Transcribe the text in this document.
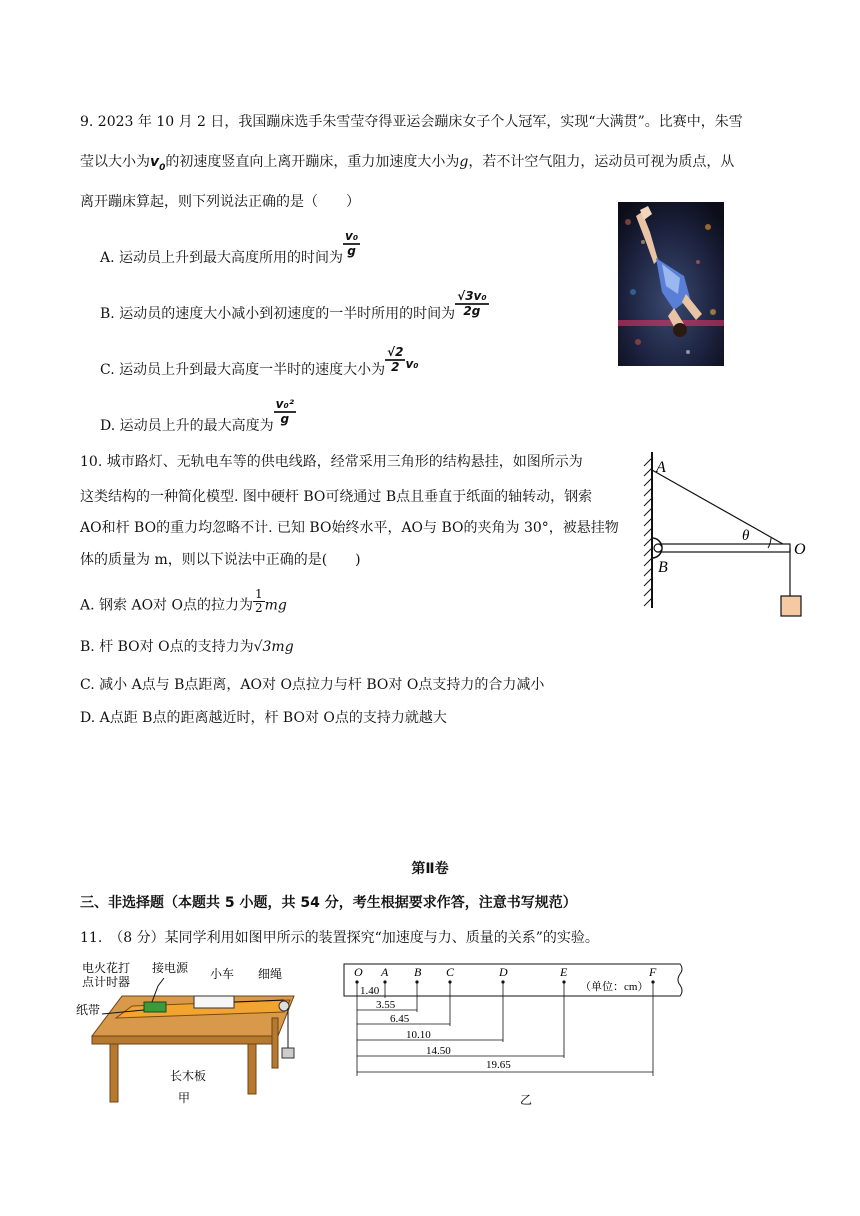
9. 2023 年 10 月 2 日，我国蹦床选手朱雪莹夺得亚运会蹦床女子个人冠军，实现“大满贯”。比赛中，朱雪
莹以大小为$v_0$的初速度竖直向上离开蹦床，重力加速度大小为g，若不计空气阻力，运动员可视为质点，从
离开蹦床算起，则下列说法正确的是（　　）
A. 运动员上升到最大高度所用的时间为 $\frac{\text{v₀}}{g}$
B. 运动员的速度大小减小到初速度的一半时所用的时间为 $\frac{\text{√3v₀}}{2g}$
C. 运动员上升到最大高度一半时的速度大小为 $\frac{√2}{2} v_0$
D. 运动员上升的最大高度为 $\frac{\text{v₀²}}{g}$
10. 城市路灯、无轨电车等的供电线路，经常采用三角形的结构悬挂，如图所示为
这类结构的一种简化模型. 图中硬杆 BO可绕通过 B点且垂直于纸面的轴转动，钢索
AO和杆 BO的重力均忽略不计. 已知 BO始终水平，AO与 BO的夹角为 30°，被悬挂物
体的质量为 m，则以下说法中正确的是(　　)
A. 钢索 AO对 O点的拉力为 $\frac{1}{2}$ mg
B. 杆 BO对 O点的支持力为√3mg
C. 减小 A点与 B点距离，AO对 O点拉力与杆 BO对 O点支持力的合力减小
D. A点距 B点的距离越近时，杆 BO对 O点的支持力就越大
A
B
O
θ
第Ⅱ卷
三、非选择题（本题共 5 小题，共 54 分，考生根据要求作答，注意书写规范）
11.　（8 分）某同学利用如图甲所示的装置探究“加速度与力、质量的关系”的实验。
电火花打
点计时器
接电源 小车 细绳
纸带
长木板
甲
O A B C	D	E	F
（单位：cm）
1.40
3.55
6.45
10.10
14.50
19.65
乙
